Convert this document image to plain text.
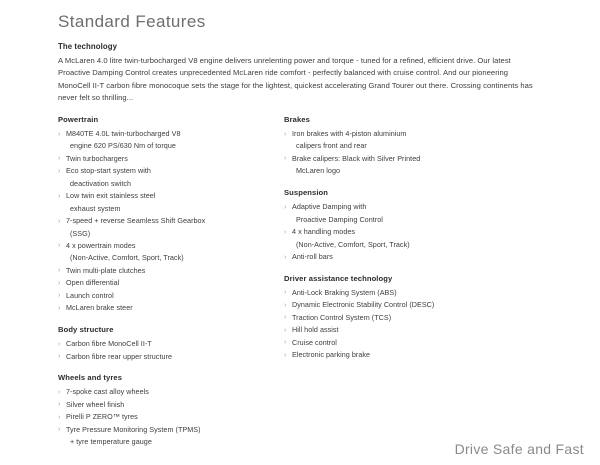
Standard Features
The technology
A McLaren 4.0 litre twin-turbocharged V8 engine delivers unrelenting power and torque - tuned for a refined, efficient drive. Our latest Proactive Damping Control creates unprecedented McLaren ride comfort - perfectly balanced with cruise control. And our pioneering MonoCell II-T carbon fibre monocoque sets the stage for the lightest, quickest accelerating Grand Tourer out there. Crossing continents has never felt so thrilling...
Powertrain
› M840TE 4.0L twin-turbocharged V8
engine 620 PS/630 Nm of torque
› Twin turbochargers
› Eco stop-start system with
deactivation switch
› Low twin exit stainless steel
exhaust system
› 7-speed + reverse Seamless Shift Gearbox
(SSG)
› 4 x powertrain modes
(Non-Active, Comfort, Sport, Track)
› Twin multi-plate clutches
› Open differential
› Launch control
› McLaren brake steer
Body structure
› Carbon fibre MonoCell II-T
› Carbon fibre rear upper structure
Wheels and tyres
› 7-spoke cast alloy wheels
› Silver wheel finish
› Pirelli P ZERO™ tyres
› Tyre Pressure Monitoring System (TPMS)
+ tyre temperature gauge
Brakes
› Iron brakes with 4-piston aluminium
calipers front and rear
› Brake calipers: Black with Silver Printed
McLaren logo
Suspension
› Adaptive Damping with
Proactive Damping Control
› 4 x handling modes
(Non-Active, Comfort, Sport, Track)
› Anti-roll bars
Driver assistance technology
› Anti-Lock Braking System (ABS)
› Dynamic Electronic Stability Control (DESC)
› Traction Control System (TCS)
› Hill hold assist
› Cruise control
› Electronic parking brake
Drive Safe and Fast
